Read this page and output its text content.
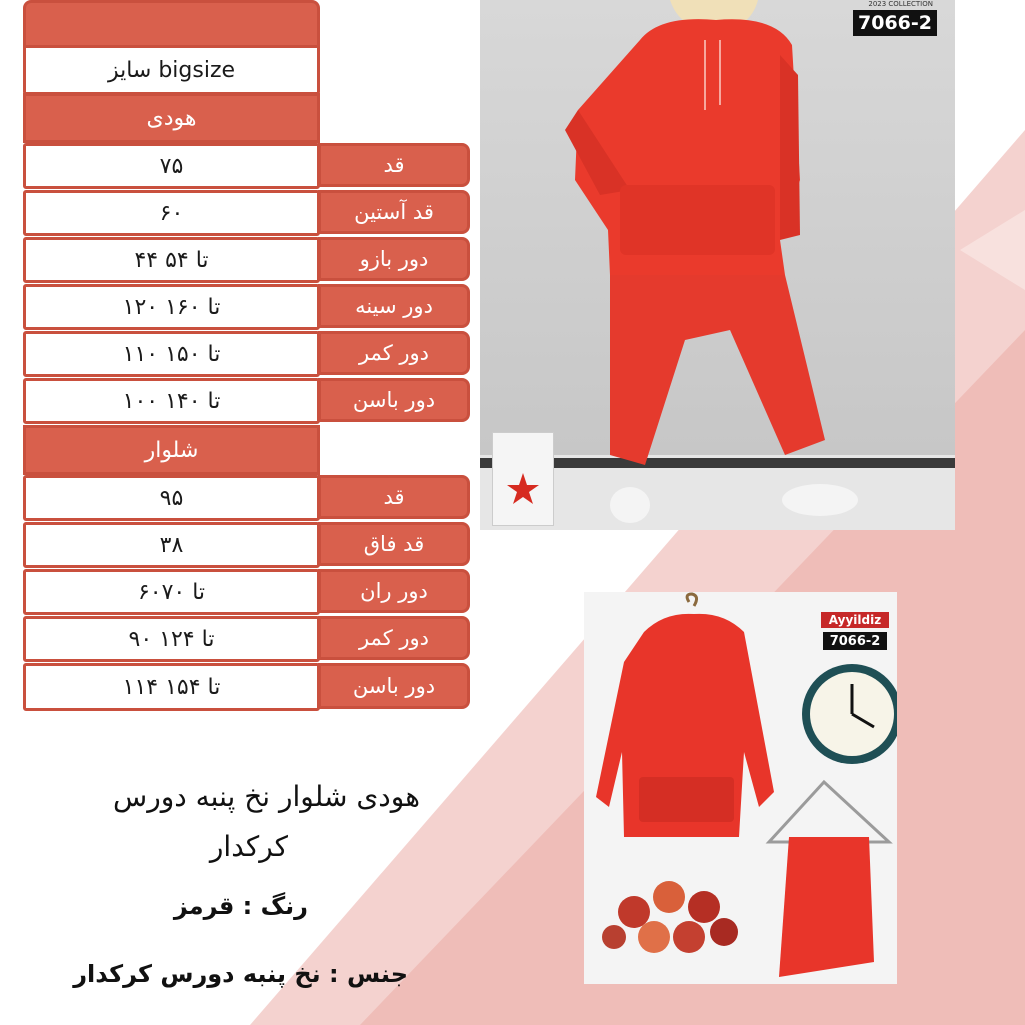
سایز bigsize
هودی
۷۵	قد
۶۰	قد آستین
۴۴ تا ۵۴	دور بازو
۱۲۰ تا ۱۶۰	دور سینه
۱۱۰ تا ۱۵۰	دور کمر
۱۰۰ تا ۱۴۰	دور باسن
شلوار
۹۵	قد
۳۸	قد فاق
۶۰تا ۷۰	دور ران
۹۰ تا ۱۲۴	دور کمر
۱۱۴ تا ۱۵۴	دور باسن
7066-2
2023 COLLECTION
Ayyildiz
7066-2
هودی شلوار نخ پنبه دورس
کرکدار
رنگ : قرمز
جنس : نخ پنبه دورس کرکدار
